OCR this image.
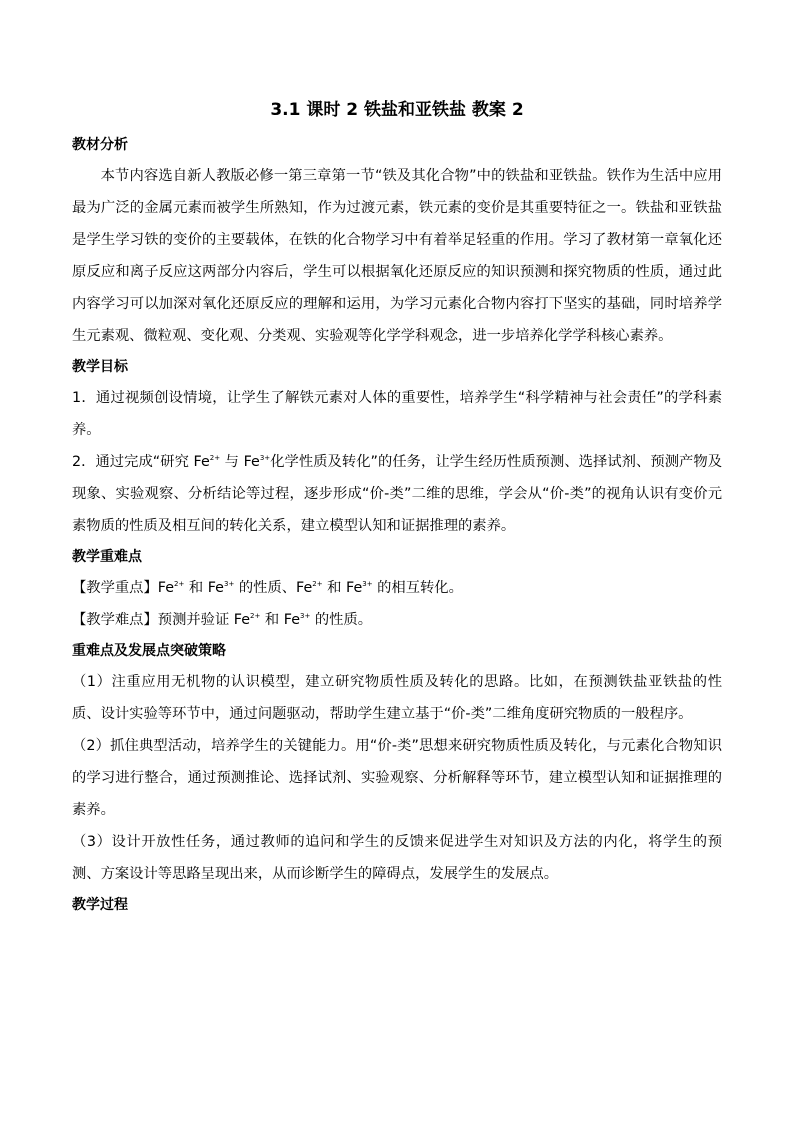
3.1 课时 2 铁盐和亚铁盐 教案 2

教材分析

本节内容选自新人教版必修一第三章第一节“铁及其化合物”中的铁盐和亚铁盐。铁作为生活中应用最为广泛的金属元素而被学生所熟知，作为过渡元素，铁元素的变价是其重要特征之一。铁盐和亚铁盐是学生学习铁的变价的主要载体，在铁的化合物学习中有着举足轻重的作用。学习了教材第一章氧化还原反应和离子反应这两部分内容后，学生可以根据氧化还原反应的知识预测和探究物质的性质，通过此内容学习可以加深对氧化还原反应的理解和运用，为学习元素化合物内容打下坚实的基础，同时培养学生元素观、微粒观、变化观、分类观、实验观等化学学科观念，进一步培养化学学科核心素养。

教学目标

1．通过视频创设情境，让学生了解铁元素对人体的重要性，培养学生“科学精神与社会责任”的学科素养。

2．通过完成“研究 $Fe^{2+}$ 与 $Fe^{3+}$化学性质及转化”的任务，让学生经历性质预测、选择试剂、预测产物及现象、实验观察、分析结论等过程，逐步形成“价-类”二维的思维，学会从“价-类”的视角认识有变价元素物质的性质及相互间的转化关系，建立模型认知和证据推理的素养。

教学重难点

【教学重点】$Fe^{2+}$ 和 $Fe^{3+}$ 的性质、$Fe^{2+}$ 和 $Fe^{3+}$ 的相互转化。

【教学难点】预测并验证 $Fe^{2+}$ 和 $Fe^{3+}$ 的性质。

重难点及发展点突破策略

（1）注重应用无机物的认识模型，建立研究物质性质及转化的思路。比如，在预测铁盐亚铁盐的性质、设计实验等环节中，通过问题驱动，帮助学生建立基于“价-类”二维角度研究物质的一般程序。

（2）抓住典型活动，培养学生的关键能力。用“价-类”思想来研究物质性质及转化，与元素化合物知识的学习进行整合，通过预测推论、选择试剂、实验观察、分析解释等环节，建立模型认知和证据推理的素养。

（3）设计开放性任务，通过教师的追问和学生的反馈来促进学生对知识及方法的内化，将学生的预测、方案设计等思路呈现出来，从而诊断学生的障碍点，发展学生的发展点。

教学过程
